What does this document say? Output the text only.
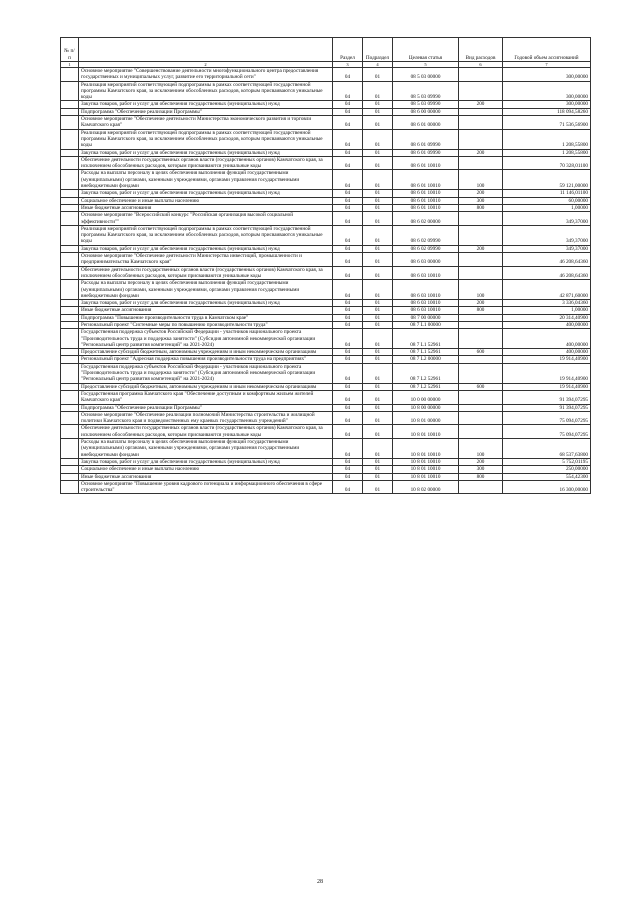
№ п/п		Раздел	Подраздел	Целевая статья	Вид расходов	Годовой объем ассигнований
1	2	3	4	5	6	7
	Основное мероприятие "Совершенствование деятельности многофункционального центра предоставления государственных и муниципальных услуг, развитие его территориальной сети"	04	01	08 5 03 00000		300,00000
	Реализация мероприятий соответствующей подпрограммы в рамках соответствующей государственной программы Камчатского края, за исключением обособленных расходов, которым присваиваются уникальные коды	04	01	08 5 03 09990		300,00000
	Закупка товаров, работ и услуг для обеспечения государственных (муниципальных) нужд	04	01	08 5 03 09990	200	300,00000
	Подпрограмма "Обеспечение реализации Программы"	04	01	08 6 00 00000		118 094,58260
	Основное мероприятие "Обеспечение деятельности Министерства экономического развития и торговли Камчатского края"	04	01	08 6 01 00000		71 536,56900
	Реализация мероприятий соответствующей подпрограммы в рамках соответствующей государственной программы Камчатского края, за исключением обособленных расходов, которым присваиваются уникальные коды	04	01	08 6 01 09990		1 208,55800
	Закупка товаров, работ и услуг для обеспечения государственных (муниципальных) нужд	04	01	08 6 01 09990	200	1 208,55800
	Обеспечение деятельности государственных органов власти (государственных органов) Камчатского края, за исключением обособленных расходов, которым присваиваются уникальные коды	04	01	08 6 01 10010		70 328,01100
	Расходы на выплаты персоналу в целях обеспечения выполнения функций государственными (муниципальными) органами, казенными учреждениями, органами управления государственными внебюджетными фондами	04	01	08 6 01 10010	100	59 121,00000
	Закупка товаров, работ и услуг для обеспечения государственных (муниципальных) нужд	04	01	08 6 01 10010	200	11 146,01100
	Социальное обеспечение и иные выплаты населению	04	01	08 6 01 10010	300	60,00000
	Иные бюджетные ассигнования	04	01	08 6 01 10010	800	1,00000
	Основное мероприятие "Всероссийский конкурс "Российская организация высокой социальной эффективности""	04	01	08 6 02 00000		349,37000
	Реализация мероприятий соответствующей подпрограммы в рамках соответствующей государственной программы Камчатского края, за исключением обособленных расходов, которым присваиваются уникальные коды	04	01	08 6 02 09990		349,37000
	Закупка товаров, работ и услуг для обеспечения государственных (муниципальных) нужд	04	01	08 6 02 09990	200	349,37000
	Основное мероприятие "Обеспечение деятельности Министерства инвестиций, промышленности и предпринимательства Камчатского края"	04	01	08 6 03 00000		46 208,64360
	Обеспечение деятельности государственных органов власти (государственных органов) Камчатского края, за исключением обособленных расходов, которым присваиваются уникальные коды	04	01	08 6 03 10010		46 208,64360
	Расходы на выплаты персоналу в целях обеспечения выполнения функций государственными (муниципальными) органами, казенными учреждениями, органами управления государственными внебюджетными фондами	04	01	08 6 03 10010	100	42 871,60000
	Закупка товаров, работ и услуг для обеспечения государственных (муниципальных) нужд	04	01	08 6 03 10010	200	3 336,04360
	Иные бюджетные ассигнования	04	01	08 6 03 10010	800	1,00000
	Подпрограмма "Повышение производительности труда в Камчатском крае"	04	01	08 7 00 00000		20 314,40900
	Региональный проект "Системные меры по повышению производительности труда"	04	01	08 7 L1 00000		400,00000
	Государственная поддержка субъектов Российской Федерации - участников национального проекта "Производительность труда и поддержка занятости" (Субсидия автономной некоммерческой организации "Региональный центр развития компетенций" на 2021-2024)	04	01	08 7 L1 52961		400,00000
	Предоставление субсидий бюджетным, автономным учреждениям и иным некоммерческим организациям	04	01	08 7 L1 52961	600	400,00000
	Региональный проект "Адресная поддержка повышения производительности труда на предприятиях"	04	01	08 7 L2 00000		19 914,40900
	Государственная поддержка субъектов Российской Федерации - участников национального проекта "Производительность труда и поддержка занятости" (Субсидия автономной некоммерческой организации "Региональный центр развития компетенций" на 2021-2024)	04	01	08 7 L2 52961		19 914,40900
	Предоставление субсидий бюджетным, автономным учреждениям и иным некоммерческим организациям	04	01	08 7 L2 52961	600	19 914,40900
	Государственная программа Камчатского края "Обеспечение доступным и комфортным жильем жителей Камчатского края"	04	01	10 0 00 00000		91 394,07295
	Подпрограмма "Обеспечение реализации Программы"	04	01	10 8 00 00000		91 394,07295
	Основное мероприятие "Обеспечение реализации полномочий Министерства строительства и жилищной политики Камчатского края и подведомственных ему краевых государственных учреждений"	04	01	10 8 01 00000		75 094,07295
	Обеспечение деятельности государственных органов власти (государственных органов) Камчатского края, за исключением обособленных расходов, которым присваиваются уникальные коды	04	01	10 8 01 10010		75 094,07295
	Расходы на выплаты персоналу в целях обеспечения выполнения функций государственными (муниципальными) органами, казенными учреждениями, органами управления государственными внебюджетными фондами	04	01	10 8 01 10010	100	68 537,63800
	Закупка товаров, работ и услуг для обеспечения государственных (муниципальных) нужд	04	01	10 8 01 10010	200	5 752,01195
	Социальное обеспечение и иные выплаты населению	04	01	10 8 01 10010	300	250,00000
	Иные бюджетные ассигнования	04	01	10 8 01 10010	800	554,42300
	Основное мероприятие "Повышение уровня кадрового потенциала и информационного обеспечения в сфере строительства"	04	01	10 8 02 00000		16 300,00000
28
